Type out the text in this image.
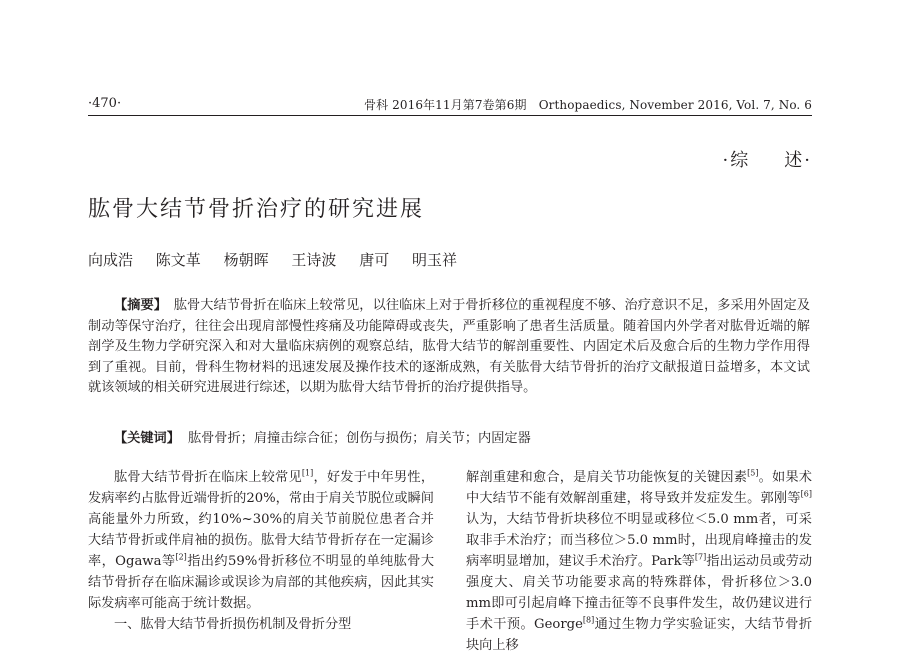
·470·	骨科 2016年11月第7卷第6期　Orthopaedics, November 2016, Vol. 7, No. 6
·综 述·
肱骨大结节骨折治疗的研究进展
向成浩 陈文革 杨朝晖 王诗波 唐可 明玉祥

【摘要】　 肱骨大结节骨折在临床上较常见，以往临床上对于骨折移位的重视程度不够、治疗意识不足，多采用外固定及制动等保守治疗，往往会出现肩部慢性疼痛及功能障碍或丧失，严重影响了患者生活质量。随着国内外学者对肱骨近端的解剖学及生物力学研究深入和对大量临床病例的观察总结，肱骨大结节的解剖重要性、内固定术后及愈合后的生物力学作用得到了重视。目前，骨科生物材料的迅速发展及操作技术的逐渐成熟，有关肱骨大结节骨折的治疗文献报道日益增多，本文试就该领域的相关研究进展进行综述，以期为肱骨大结节骨折的治疗提供指导。

【关键词】 肱骨骨折；肩撞击综合征；创伤与损伤；肩关节；内固定器

肱骨大结节骨折在临床上较常见[1]，好发于中年男性，发病率约占肱骨近端骨折的20%，常由于肩关节脱位或瞬间高能量外力所致，约10%~30%的肩关节前脱位患者合并大结节骨折或伴肩袖的损伤。肱骨大结节骨折存在一定漏诊率，Ogawa等[2]指出约59%骨折移位不明显的单纯肱骨大结节骨折存在临床漏诊或误诊为肩部的其他疾病，因此其实际发病率可能高于统计数据。

一、肱骨大结节骨折损伤机制及骨折分型

解剖重建和愈合，是肩关节功能恢复的关键因素[5]。如果术中大结节不能有效解剖重建，将导致并发症发生。郭刚等[6]认为，大结节骨折块移位不明显或移位＜5.0 mm者，可采取非手术治疗；而当移位＞5.0 mm时，出现肩峰撞击的发病率明显增加，建议手术治疗。Park等[7]指出运动员或劳动强度大、肩关节功能要求高的特殊群体，骨折移位＞3.0 mm即可引起肩峰下撞击征等不良事件发生，故仍建议进行手术干预。George[8]通过生物力学实验证实，大结节骨折块向上移
